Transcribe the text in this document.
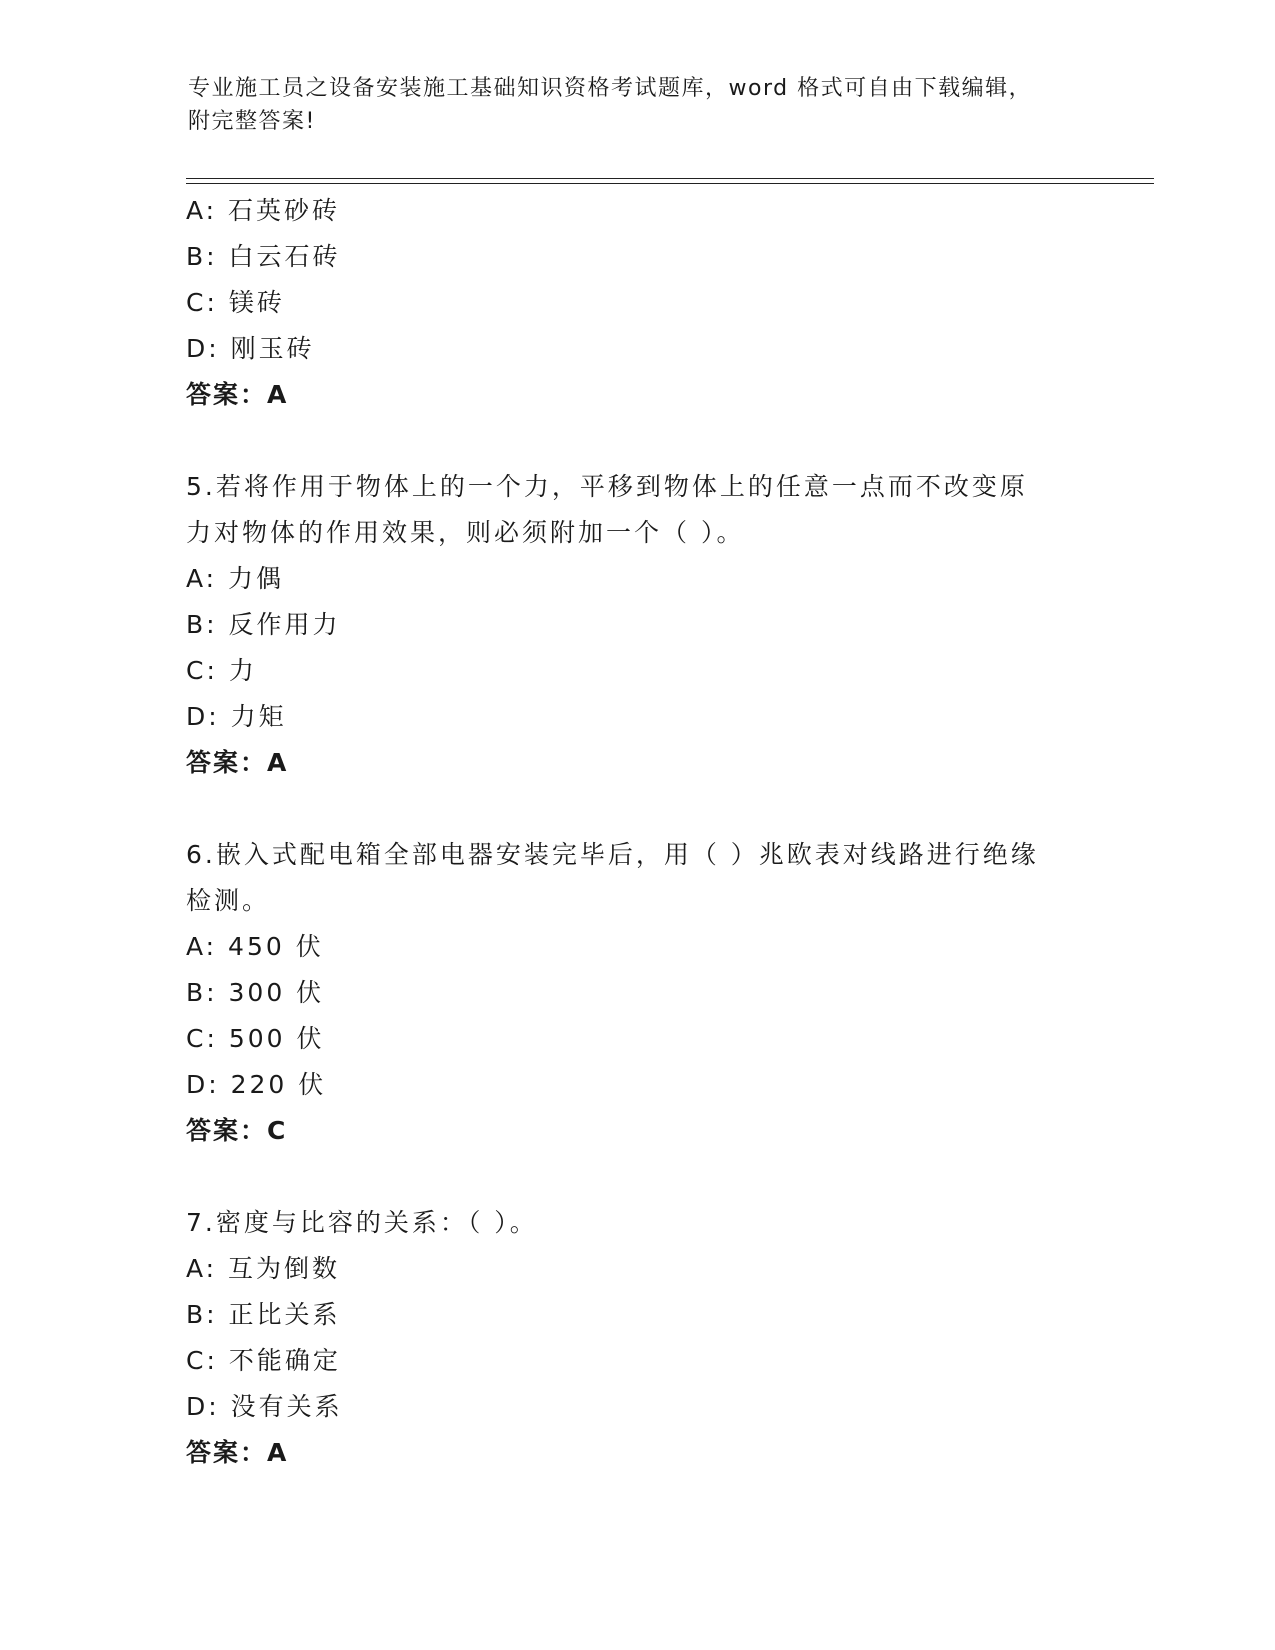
专业施工员之设备安装施工基础知识资格考试题库，word 格式可自由下载编辑，
附完整答案!
A: 石英砂砖
B: 白云石砖
C: 镁砖
D: 刚玉砖
答案：A
5.若将作用于物体上的一个力，平移到物体上的任意一点而不改变原
力对物体的作用效果，则必须附加一个（ ）。
A: 力偶
B: 反作用力
C: 力
D: 力矩
答案：A
6.嵌入式配电箱全部电器安装完毕后，用（ ）兆欧表对线路进行绝缘
检测。
A: 450 伏
B: 300 伏
C: 500 伏
D: 220 伏
答案：C
7.密度与比容的关系：（ ）。
A: 互为倒数
B: 正比关系
C: 不能确定
D: 没有关系
答案：A
